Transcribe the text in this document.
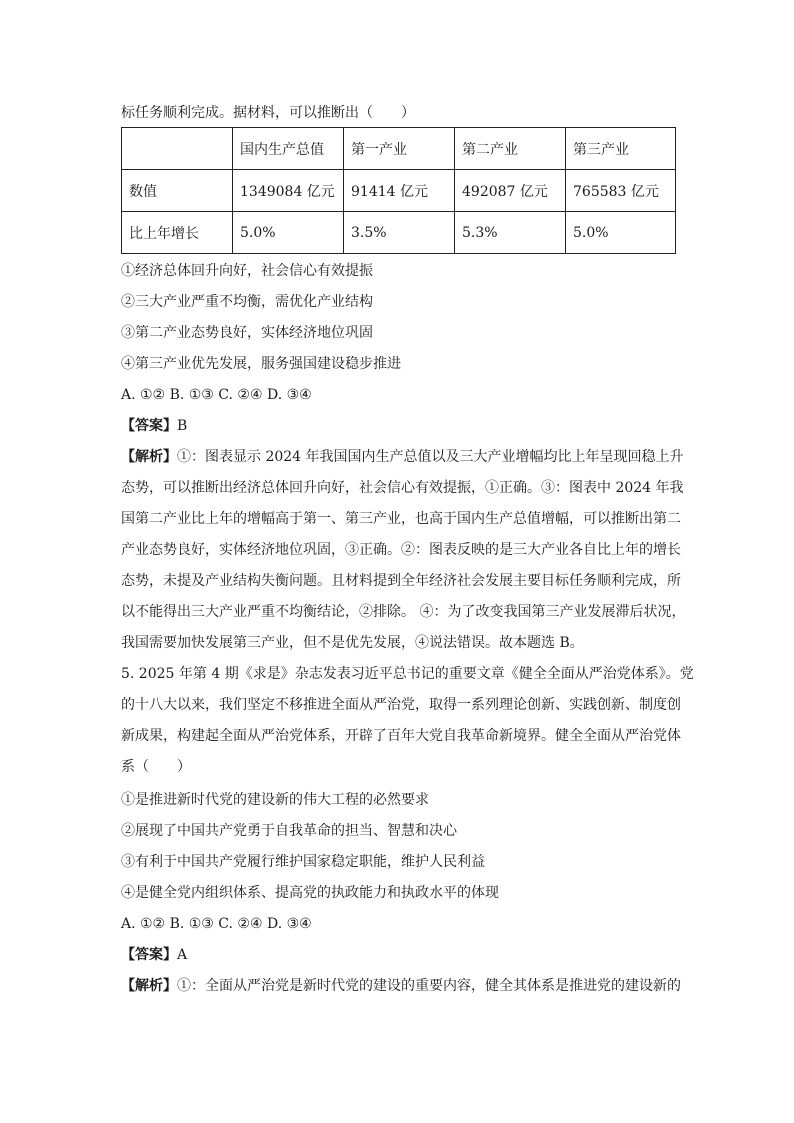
标任务顺利完成。据材料，可以推断出（　　）
	国内生产总值	第一产业	第二产业	第三产业
数值	1349084 亿元	91414 亿元	492087 亿元	765583 亿元
比上年增长	5.0%	3.5%	5.3%	5.0%
①经济总体回升向好，社会信心有效提振
②三大产业严重不均衡，需优化产业结构
③第二产业态势良好，实体经济地位巩固
④第三产业优先发展，服务强国建设稳步推进
A. ①② B. ①③ C. ②④ D. ③④
【答案】B
【解析】①：图表显示 2024 年我国国内生产总值以及三大产业增幅均比上年呈现回稳上升
态势，可以推断出经济总体回升向好，社会信心有效提振，①正确。③：图表中 2024 年我
国第二产业比上年的增幅高于第一、第三产业，也高于国内生产总值增幅，可以推断出第二
产业态势良好，实体经济地位巩固，③正确。②：图表反映的是三大产业各自比上年的增长
态势，未提及产业结构失衡问题。且材料提到全年经济社会发展主要目标任务顺利完成，所
以不能得出三大产业严重不均衡结论，②排除。 ④：为了改变我国第三产业发展滞后状况，
我国需要加快发展第三产业，但不是优先发展，④说法错误。故本题选 B。
5. 2025 年第 4 期《求是》杂志发表习近平总书记的重要文章《健全全面从严治党体系》。党
的十八大以来，我们坚定不移推进全面从严治党，取得一系列理论创新、实践创新、制度创
新成果，构建起全面从严治党体系，开辟了百年大党自我革命新境界。健全全面从严治党体
系（　　）
①是推进新时代党的建设新的伟大工程的必然要求
②展现了中国共产党勇于自我革命的担当、智慧和决心
③有利于中国共产党履行维护国家稳定职能，维护人民利益
④是健全党内组织体系、提高党的执政能力和执政水平的体现
A. ①② B. ①③ C. ②④ D. ③④
【答案】A
【解析】①：全面从严治党是新时代党的建设的重要内容，健全其体系是推进党的建设新的
